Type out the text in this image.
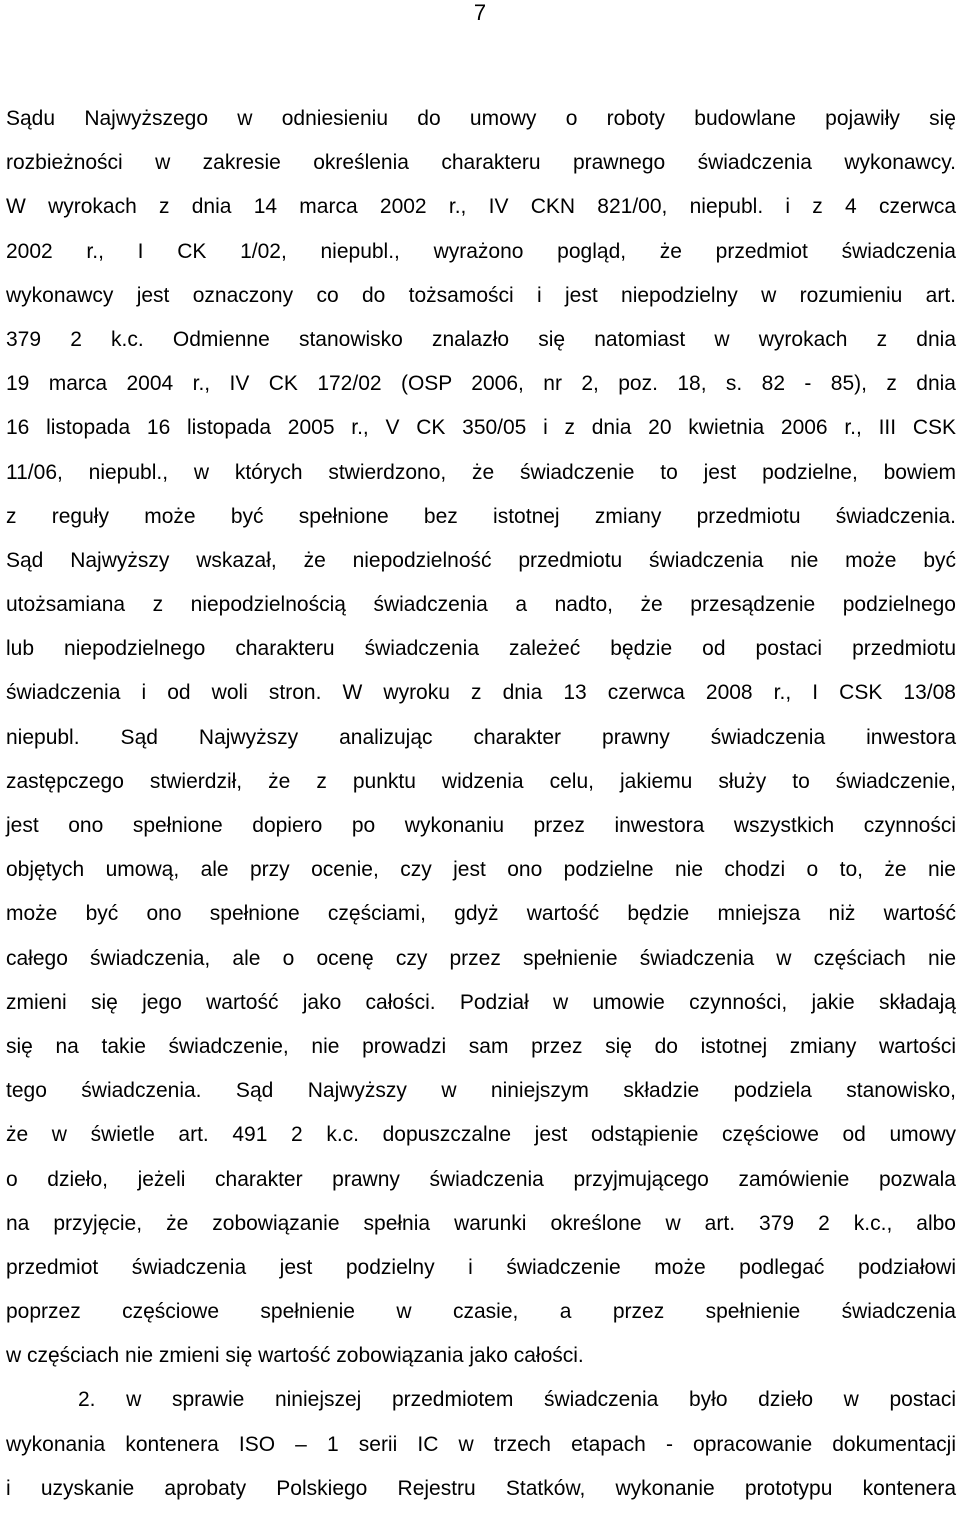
7
Sądu Najwyższego w odniesieniu do umowy o roboty budowlane pojawiły się
rozbieżności w zakresie określenia charakteru prawnego świadczenia wykonawcy.
W wyrokach z dnia 14 marca 2002 r., IV CKN 821/00, niepubl. i z 4 czerwca
2002 r., I CK 1/02, niepubl., wyrażono pogląd, że przedmiot świadczenia
wykonawcy jest oznaczony co do tożsamości i jest niepodzielny w rozumieniu art.
379 2 k.c. Odmienne stanowisko znalazło się natomiast w wyrokach z dnia
19 marca 2004 r., IV CK 172/02 (OSP 2006, nr 2, poz. 18, s. 82 - 85), z dnia
16 listopada 16 listopada 2005 r., V CK 350/05 i z dnia 20 kwietnia 2006 r., III CSK
11/06, niepubl., w których stwierdzono, że świadczenie to jest podzielne, bowiem
z reguły może być spełnione bez istotnej zmiany przedmiotu świadczenia.
Sąd Najwyższy wskazał, że niepodzielność przedmiotu świadczenia nie może być
utożsamiana z niepodzielnością świadczenia a nadto, że przesądzenie podzielnego
lub niepodzielnego charakteru świadczenia zależeć będzie od postaci przedmiotu
świadczenia i od woli stron. W wyroku z dnia 13 czerwca 2008 r., I CSK 13/08
niepubl. Sąd Najwyższy analizując charakter prawny świadczenia inwestora
zastępczego stwierdził, że z punktu widzenia celu, jakiemu służy to świadczenie,
jest ono spełnione dopiero po wykonaniu przez inwestora wszystkich czynności
objętych umową, ale przy ocenie, czy jest ono podzielne nie chodzi o to, że nie
może być ono spełnione częściami, gdyż wartość będzie mniejsza niż wartość
całego świadczenia, ale o ocenę czy przez spełnienie świadczenia w częściach nie
zmieni się jego wartość jako całości. Podział w umowie czynności, jakie składają
się na takie świadczenie, nie prowadzi sam przez się do istotnej zmiany wartości
tego świadczenia. Sąd Najwyższy w niniejszym składzie podziela stanowisko,
że w świetle art. 491 2 k.c. dopuszczalne jest odstąpienie częściowe od umowy
o dzieło, jeżeli charakter prawny świadczenia przyjmującego zamówienie pozwala
na przyjęcie, że zobowiązanie spełnia warunki określone w art. 379 2 k.c., albo
przedmiot świadczenia jest podzielny i świadczenie może podlegać podziałowi
poprzez częściowe spełnienie w czasie, a przez spełnienie świadczenia
w częściach nie zmieni się wartość zobowiązania jako całości.
2. w sprawie niniejszej przedmiotem świadczenia było dzieło w postaci
wykonania kontenera ISO – 1 serii IC w trzech etapach - opracowanie dokumentacji
i uzyskanie aprobaty Polskiego Rejestru Statków, wykonanie prototypu kontenera
